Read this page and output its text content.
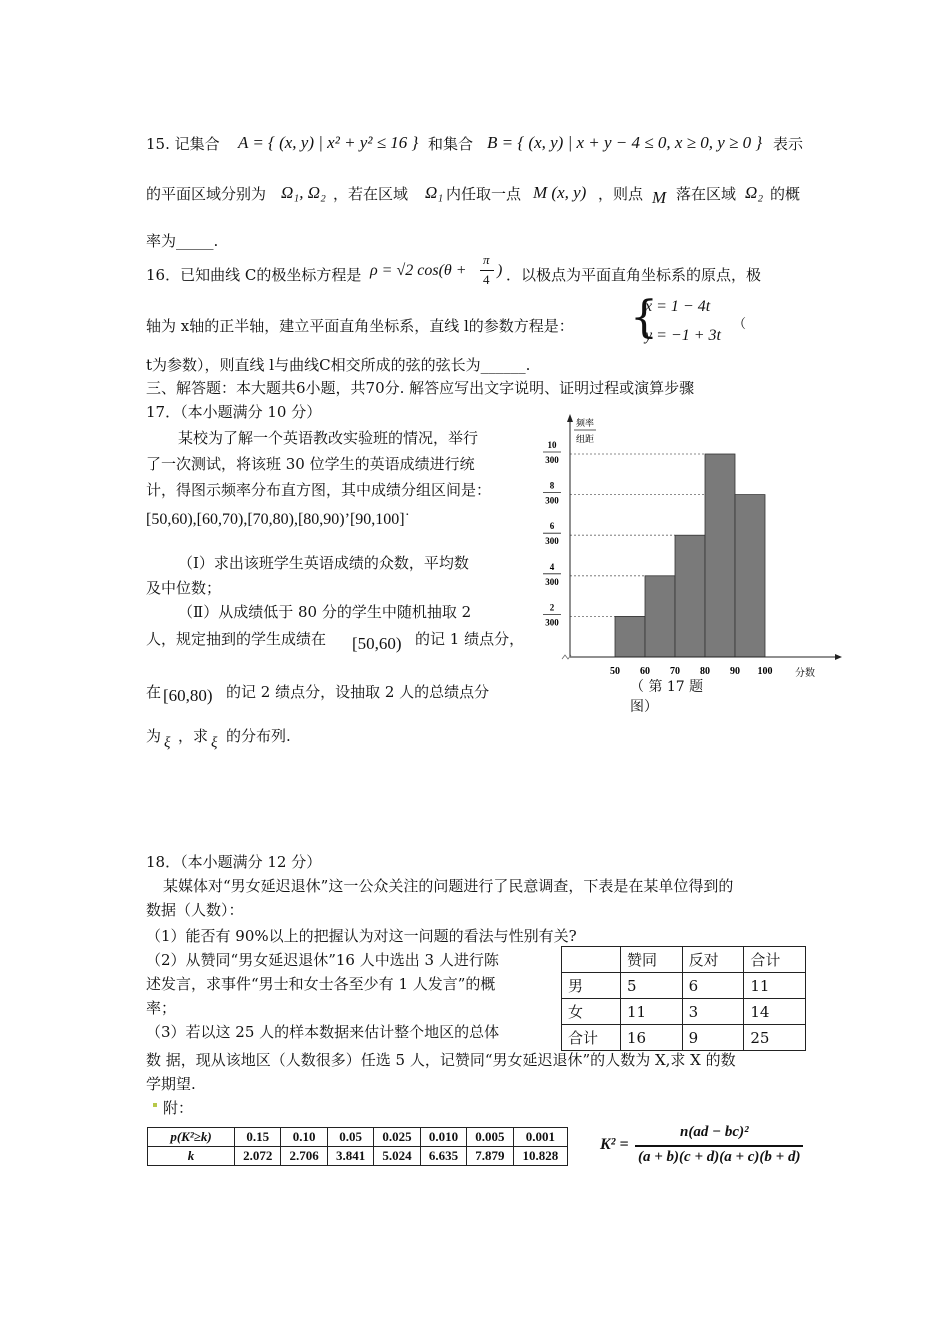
15. 记集合 A = { (x, y) | x² + y² ≤ 16 } 和集合 B = { (x, y) | x + y − 4 ≤ 0, x ≥ 0, y ≥ 0 } 表示
的平面区域分别为 Ω₁, Ω₂ ，若在区域 Ω₁ 内任取一点 M (x, y) ，则点 M 落在区域 Ω₂ 的概
率为_____.
16．已知曲线 C的极坐标方程是 ρ = √2 cos(θ +
π
4
) ．以极点为平面直角坐标系的原点，极
轴为 x轴的正半轴，建立平面直角坐标系，直线 l的参数方程是： {
x = 1 − 4t
y = −1 + 3t
（
t为参数），则直线 l与曲线C相交所成的弦的弦长为______.
三、解答题：本大题共6小题，共70分. 解答应写出文字说明、证明过程或演算步骤
17．（本小题满分 10 分）
某校为了解一个英语教改实验班的情况，举行
了一次测试，将该班 30 位学生的英语成绩进行统
计，得图示频率分布直方图，其中成绩分组区间是：
[50,60),[60,70),[70,80),[80,90)’[90,100]˙
（Ⅰ）求出该班学生英语成绩的众数，平均数
及中位数；
（Ⅱ）从成绩低于 80 分的学生中随机抽取 2
人，规定抽到的学生成绩在 [50,60) 的记 1 绩点分，
在 [60,80) 的记 2 绩点分，设抽取 2 人的总绩点分
为 ξ ，求 ξ 的分布列.
2
300
4
300
6
300
8
300
10
300
频率
组距
50 60 70 80 90 100 分数
（ 第 17 题
图）
18．（本小题满分 12 分）
某媒体对“男女延迟退休”这一公众关注的问题进行了民意调查，下表是在某单位得到的
数据（人数）：
（1）能否有 90%以上的把握认为对这一问题的看法与性别有关?
（2）从赞同“男女延迟退休”16 人中选出 3 人进行陈
述发言，求事件“男士和女士各至少有 1 人发言”的概
率；
（3）若以这 25 人的样本数据来估计整个地区的总体
数 据，现从该地区（人数很多）任选 5 人，记赞同“男女延迟退休”的人数为 X,求 X 的数
学期望.
附：
	赞同	反对	合计
男	5	6	11
女	11	3	14
合计	16	9	25
p(K²≥k)	0.15	0.10	0.05	0.025	0.010	0.005	0.001
k	2.072	2.706	3.841	5.024	6.635	7.879	10.828
K² =
n(ad − bc)²
(a + b)(c + d)(a + c)(b + d)
